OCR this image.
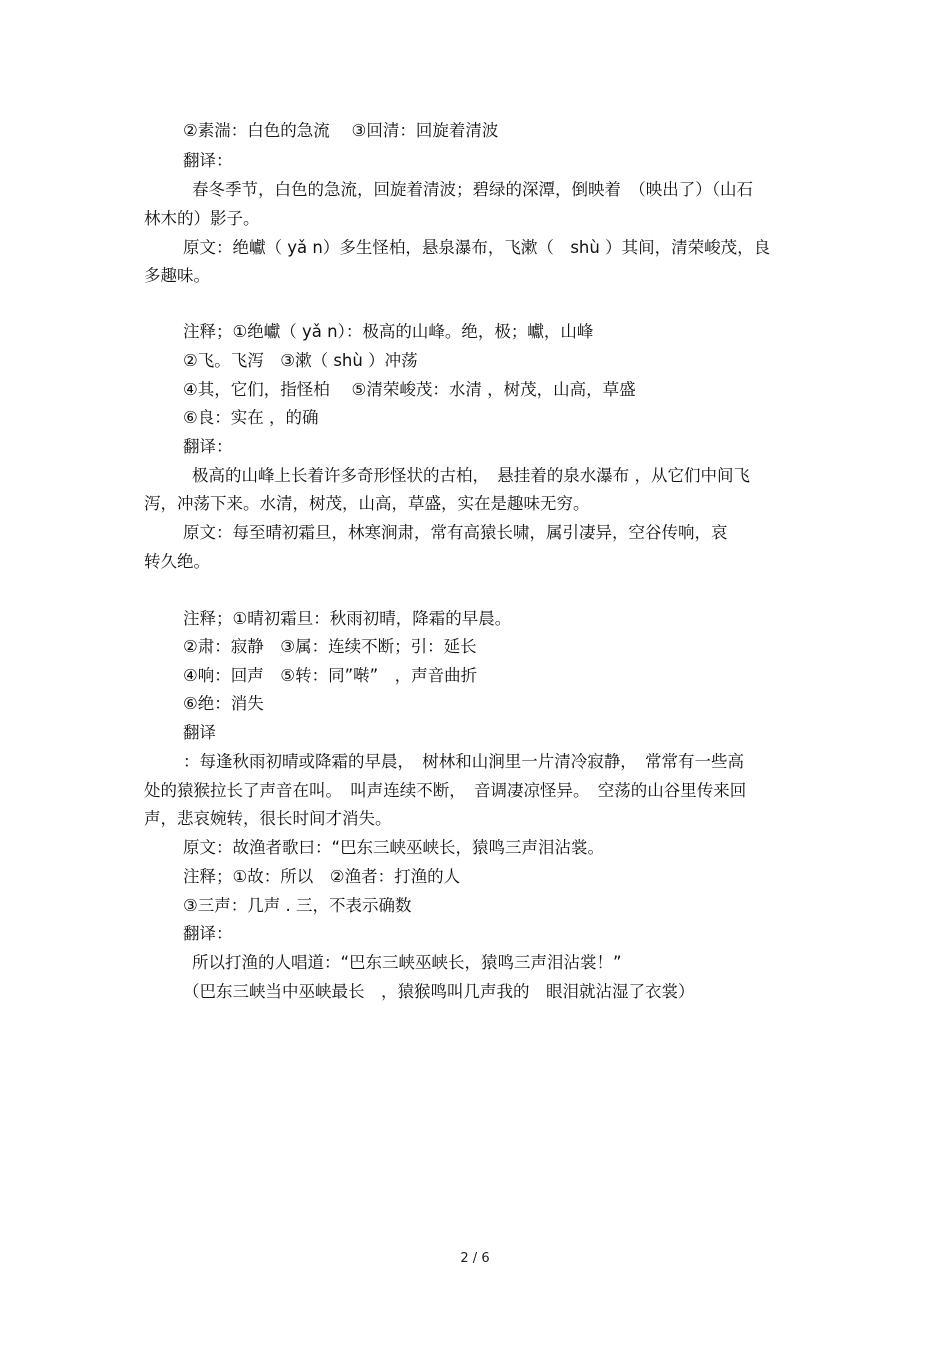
②素湍：白色的急流　 ③回清：回旋着清波
翻译：
春冬季节，白色的急流，回旋着清波；碧绿的深潭，倒映着　（映出了）（山石
林木的）影子。
原文：绝巘（ yǎ n）多生怪柏，悬泉瀑布，飞漱（　shù ）其间，清荣峻茂，良
多趣味。
注释；①绝巘（ yǎ n）：极高的山峰。绝，极；巘，山峰
②飞。飞泻　③漱（ shù ）冲荡
④其，它们，指怪柏　 ⑤清荣峻茂：水清 ，树茂，山高，草盛
⑥良：实在 ，的确
翻译：
极高的山峰上长着许多奇形怪状的古柏，　悬挂着的泉水瀑布 ，从它们中间飞
泻，冲荡下来。水清，树茂，山高，草盛，实在是趣味无穷。
原文：每至晴初霜旦，林寒涧肃，常有高猿长啸，属引凄异，空谷传响，哀
转久绝。
注释；①晴初霜旦：秋雨初晴，降霜的早晨。
②肃：寂静　③属：连续不断；引：延长
④响：回声　⑤转：同”啭”　，声音曲折
⑥绝：消失
翻译
：每逢秋雨初晴或降霜的早晨，　树林和山涧里一片清冷寂静，　常常有一些高
处的猿猴拉长了声音在叫。　叫声连续不断，　音调凄凉怪异。　空荡的山谷里传来回
声，悲哀婉转，很长时间才消失。
原文：故渔者歌曰：“巴东三峡巫峡长，猿鸣三声泪沾裳。
注释；①故：所以　②渔者：打渔的人
③三声：几声 . 三，不表示确数
翻译：
所以打渔的人唱道：“巴东三峡巫峡长，猿鸣三声泪沾裳！”
（巴东三峡当中巫峡最长　，猿猴鸣叫几声我的　眼泪就沾湿了衣裳）
2 / 6
